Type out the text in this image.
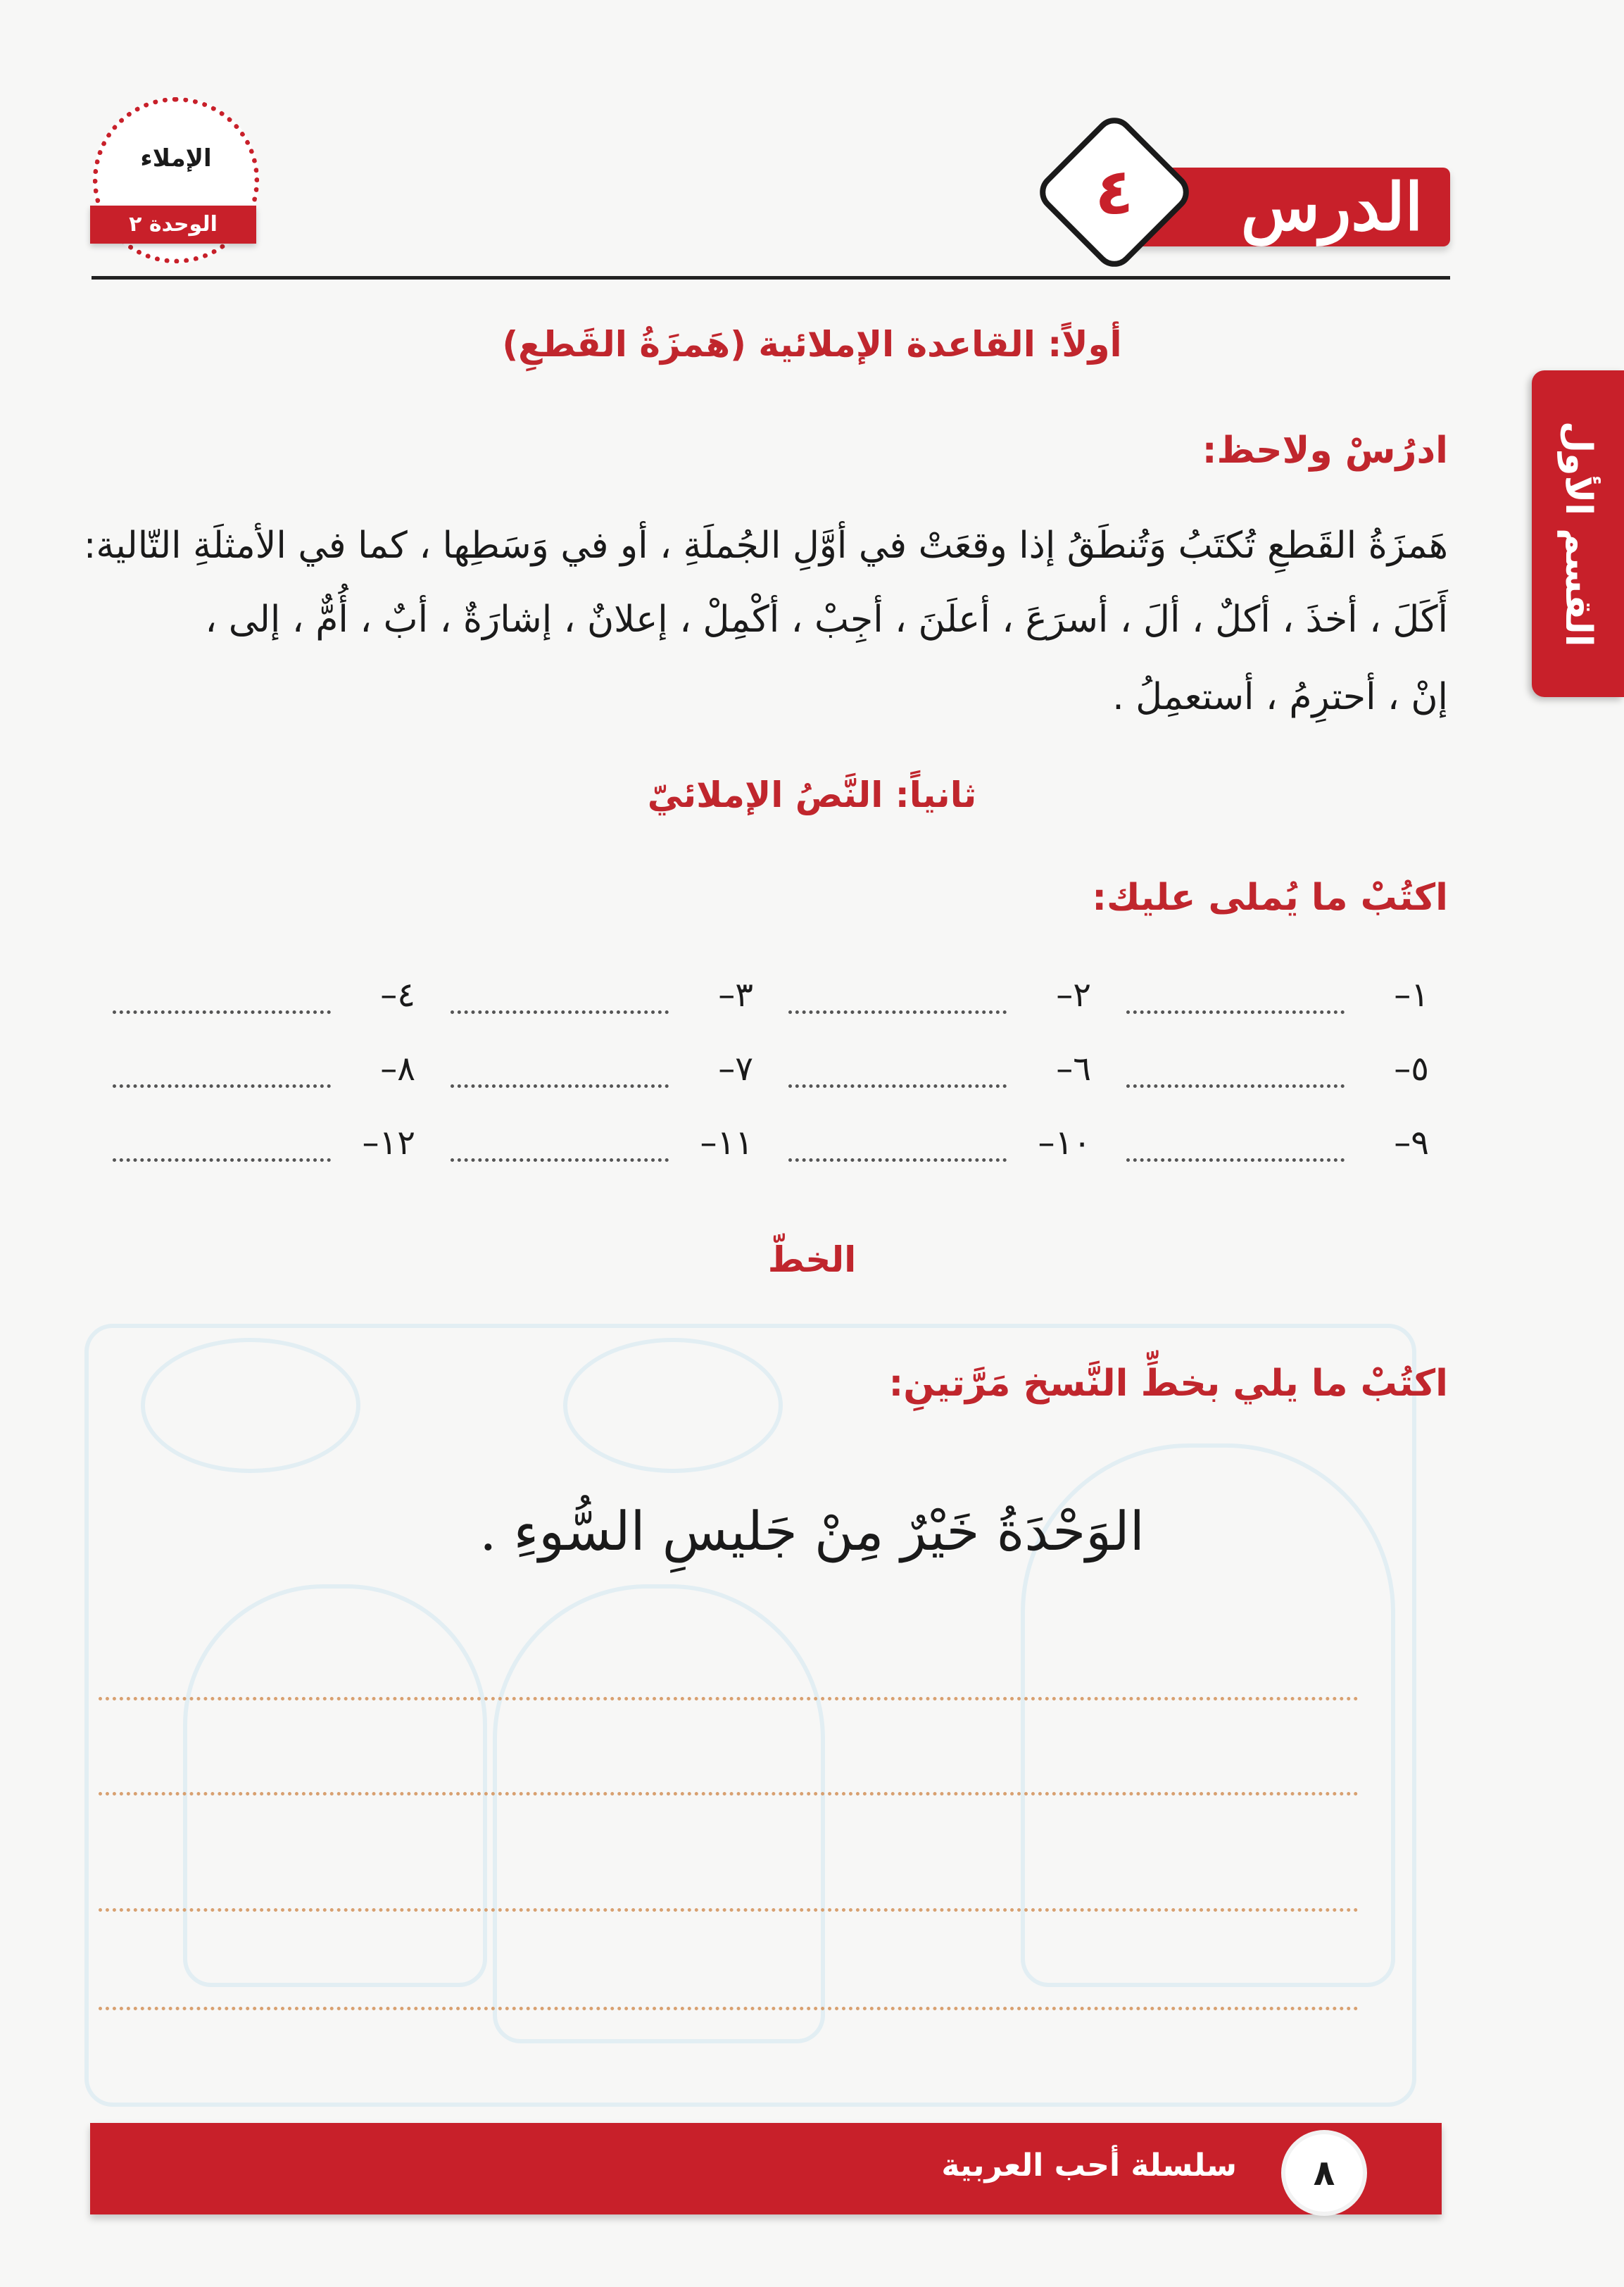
الإملاء
الوحدة ٢	الدرس
٤
القسم الأول
أولاً: القاعدة الإملائية (هَمزَةُ القَطعِ)
ادرُسْ ولاحظ:
هَمزَةُ القَطعِ تُكتَبُ وَتُنطَقُ إذا وقعَتْ في أوَّلِ الجُملَةِ ، أو في وَسَطِها ، كما في الأمثلَةِ التّالية:
أَكَلَ ، أخذَ ، أكلٌ ، ألَ ، أسرَعَ ، أعلَنَ ، أجِبْ ، أكْمِلْ ، إعلانٌ ، إشارَةٌ ، أبٌ ، أُمٌّ ، إلى ،
إنْ ، أحترِمُ ، أستعمِلُ .
ثانياً: النَّصُ الإملائيّ
اكتُبْ ما يُملى عليك:
١–
٢–
٣–
٤–
٥–
٦–
٧–
٨–
٩–
١٠–
١١–
١٢–
الخطّ
اكتُبْ ما يلي بخطِّ النَّسخ مَرَّتينِ:
الوَحْدَةُ خَيْرٌ مِنْ جَليسِ السُّوءِ .
سلسلة أحب العربية	٨
